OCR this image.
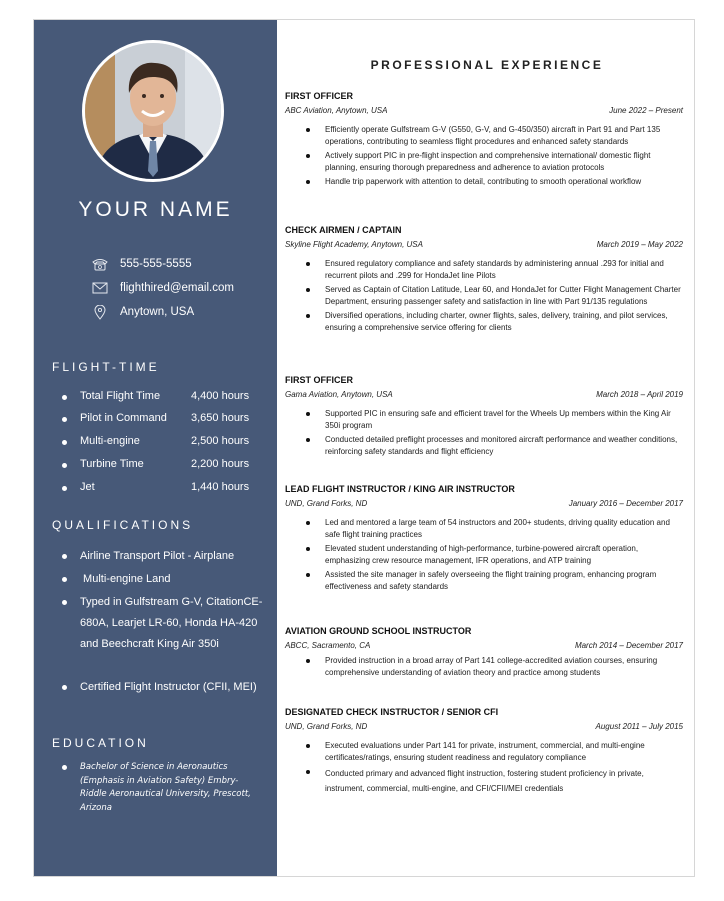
YOUR NAME
555-555-5555
flighthired@email.com
Anytown, USA
FLIGHT-TIME
Total Flight Time	4,400 hours
Pilot in Command 3,650 hours
Multi-engine	2,500 hours
Turbine Time	2,200 hours
Jet	1,440 hours
QUALIFICATIONS
Airline Transport Pilot - Airplane
Multi-engine Land
Typed in Gulfstream G-V, CitationCE-680A, Learjet LR-60, Honda HA-420 and Beechcraft King Air 350i
Certified Flight Instructor (CFII, MEI)
EDUCATION
Bachelor of Science in Aeronautics (Emphasis in Aviation Safety) Embry-Riddle Aeronautical University, Prescott, Arizona
PROFESSIONAL EXPERIENCE
FIRST OFFICER
ABC Aviation, Anytown, USA	June 2022 – Present
Efficiently operate Gulfstream G-V (G550, G-V, and G-450/350) aircraft in Part 91 and Part 135 operations, contributing to seamless flight procedures and enhanced safety standards
Actively support PIC in pre-flight inspection and comprehensive international/ domestic flight planning, ensuring thorough preparedness and adherence to aviation protocols
Handle trip paperwork with attention to detail, contributing to smooth operational workflow
CHECK AIRMEN / CAPTAIN
Skyline Flight Academy, Anytown, USA	March 2019 – May 2022
Ensured regulatory compliance and safety standards by administering annual .293 for initial and recurrent pilots and .299 for HondaJet line Pilots
Served as Captain of Citation Latitude, Lear 60, and HondaJet for Cutter Flight Management Charter Department, ensuring passenger safety and satisfaction in line with Part 91/135 regulations
Diversified operations, including charter, owner flights, sales, delivery, training, and pilot services, ensuring a comprehensive service offering for clients
FIRST OFFICER
Gama Aviation, Anytown, USA	March 2018 – April 2019
Supported PIC in ensuring safe and efficient travel for the Wheels Up members within the King Air 350i program
Conducted detailed preflight processes and monitored aircraft performance and weather conditions, reinforcing safety standards and flight efficiency
LEAD FLIGHT INSTRUCTOR / KING AIR INSTRUCTOR
UND, Grand Forks, ND	January 2016 – December 2017
Led and mentored a large team of 54 instructors and 200+ students, driving quality education and safe flight training practices
Elevated student understanding of high-performance, turbine-powered aircraft operation, emphasizing crew resource management, IFR operations, and ATP training
Assisted the site manager in safely overseeing the flight training program, enhancing program effectiveness and safety standards
AVIATION GROUND SCHOOL INSTRUCTOR
ABCC, Sacramento, CA	March 2014 – December 2017
Provided instruction in a broad array of Part 141 college-accredited aviation courses, ensuring comprehensive understanding of aviation theory and practice among students
DESIGNATED CHECK INSTRUCTOR / SENIOR CFI
UND, Grand Forks, ND	August 2011 – July 2015
Executed evaluations under Part 141 for private, instrument, commercial, and multi-engine certificates/ratings, ensuring student readiness and regulatory compliance
Conducted primary and advanced flight instruction, fostering student proficiency in private, instrument, commercial, multi-engine, and CFI/CFII/MEI credentials
